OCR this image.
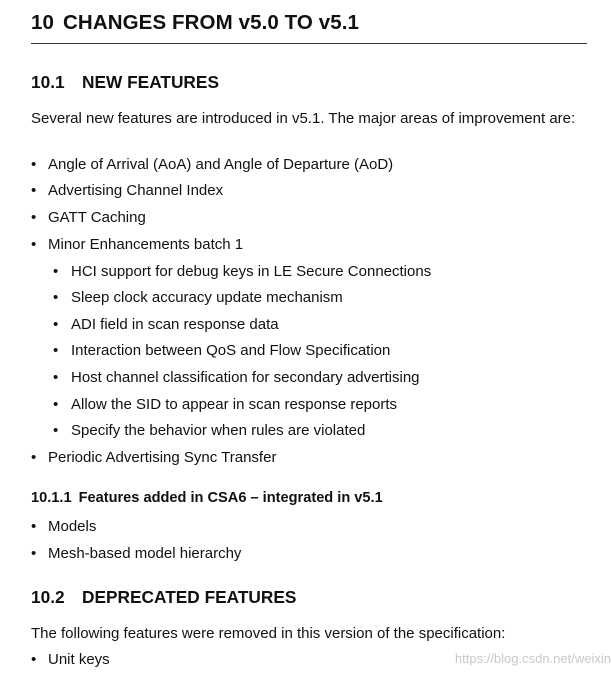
10 CHANGES FROM v5.0 TO v5.1
10.1 NEW FEATURES

Several new features are introduced in v5.1. The major areas of improvement are:

• Angle of Arrival (AoA) and Angle of Departure (AoD)
• Advertising Channel Index
• GATT Caching
• Minor Enhancements batch 1
• HCI support for debug keys in LE Secure Connections
• Sleep clock accuracy update mechanism
• ADI field in scan response data
• Interaction between QoS and Flow Specification
• Host channel classification for secondary advertising
• Allow the SID to appear in scan response reports
• Specify the behavior when rules are violated
• Periodic Advertising Sync Transfer
10.1.1 Features added in CSA6 – integrated in v5.1
• Models
• Mesh-based model hierarchy
10.2 DEPRECATED FEATURES

The following features were removed in this version of the specification:

• Unit keys	https://blog.csdn.net/weixin
